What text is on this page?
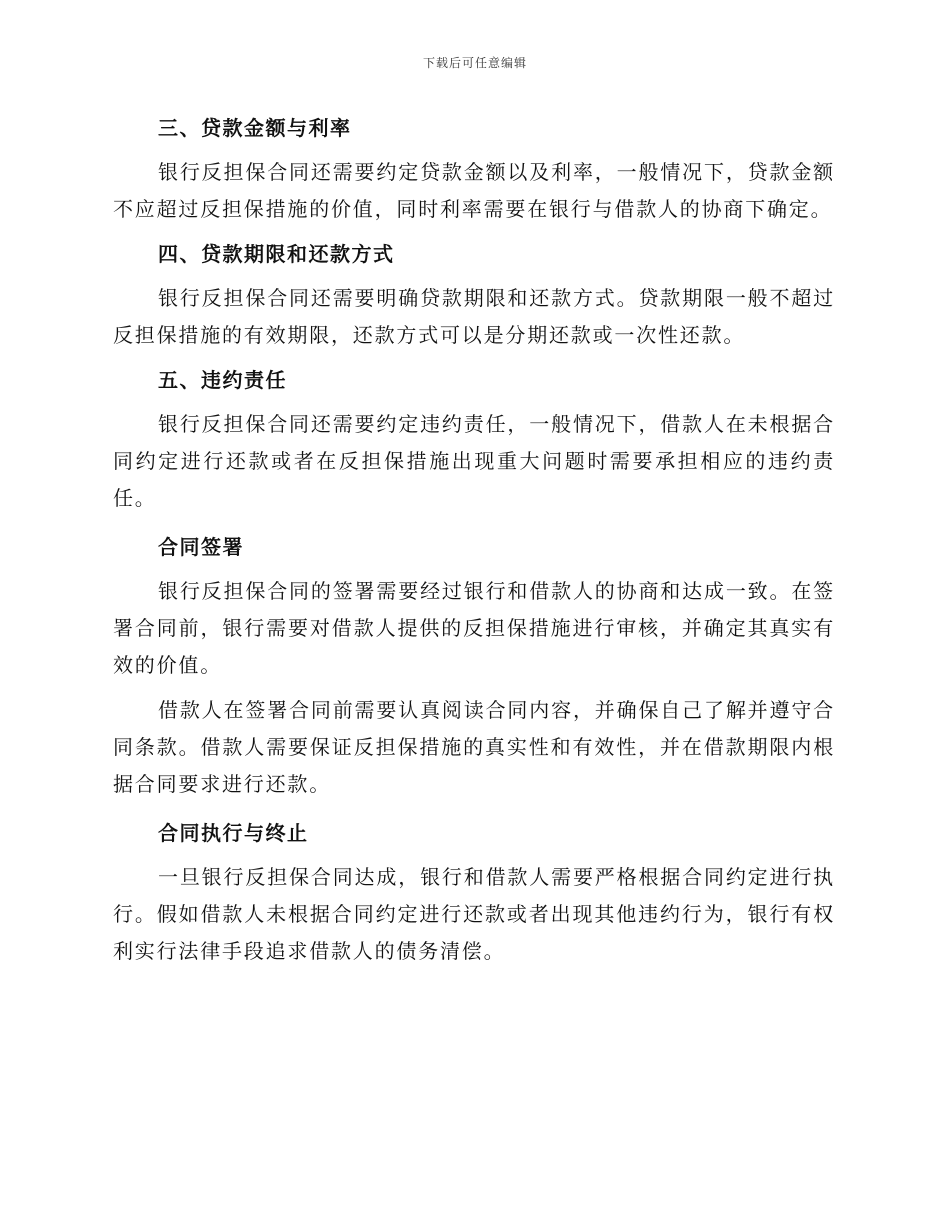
下载后可任意编辑
三、贷款金额与利率

银行反担保合同还需要约定贷款金额以及利率，一般情况下，贷款金额不应超过反担保措施的价值，同时利率需要在银行与借款人的协商下确定。

四、贷款期限和还款方式

银行反担保合同还需要明确贷款期限和还款方式。贷款期限一般不超过反担保措施的有效期限，还款方式可以是分期还款或一次性还款。

五、违约责任

银行反担保合同还需要约定违约责任，一般情况下，借款人在未根据合同约定进行还款或者在反担保措施出现重大问题时需要承担相应的违约责任。

合同签署

银行反担保合同的签署需要经过银行和借款人的协商和达成一致。在签署合同前，银行需要对借款人提供的反担保措施进行审核，并确定其真实有效的价值。

借款人在签署合同前需要认真阅读合同内容，并确保自己了解并遵守合同条款。借款人需要保证反担保措施的真实性和有效性，并在借款期限内根据合同要求进行还款。

合同执行与终止

一旦银行反担保合同达成，银行和借款人需要严格根据合同约定进行执行。假如借款人未根据合同约定进行还款或者出现其他违约行为，银行有权利实行法律手段追求借款人的债务清偿。
